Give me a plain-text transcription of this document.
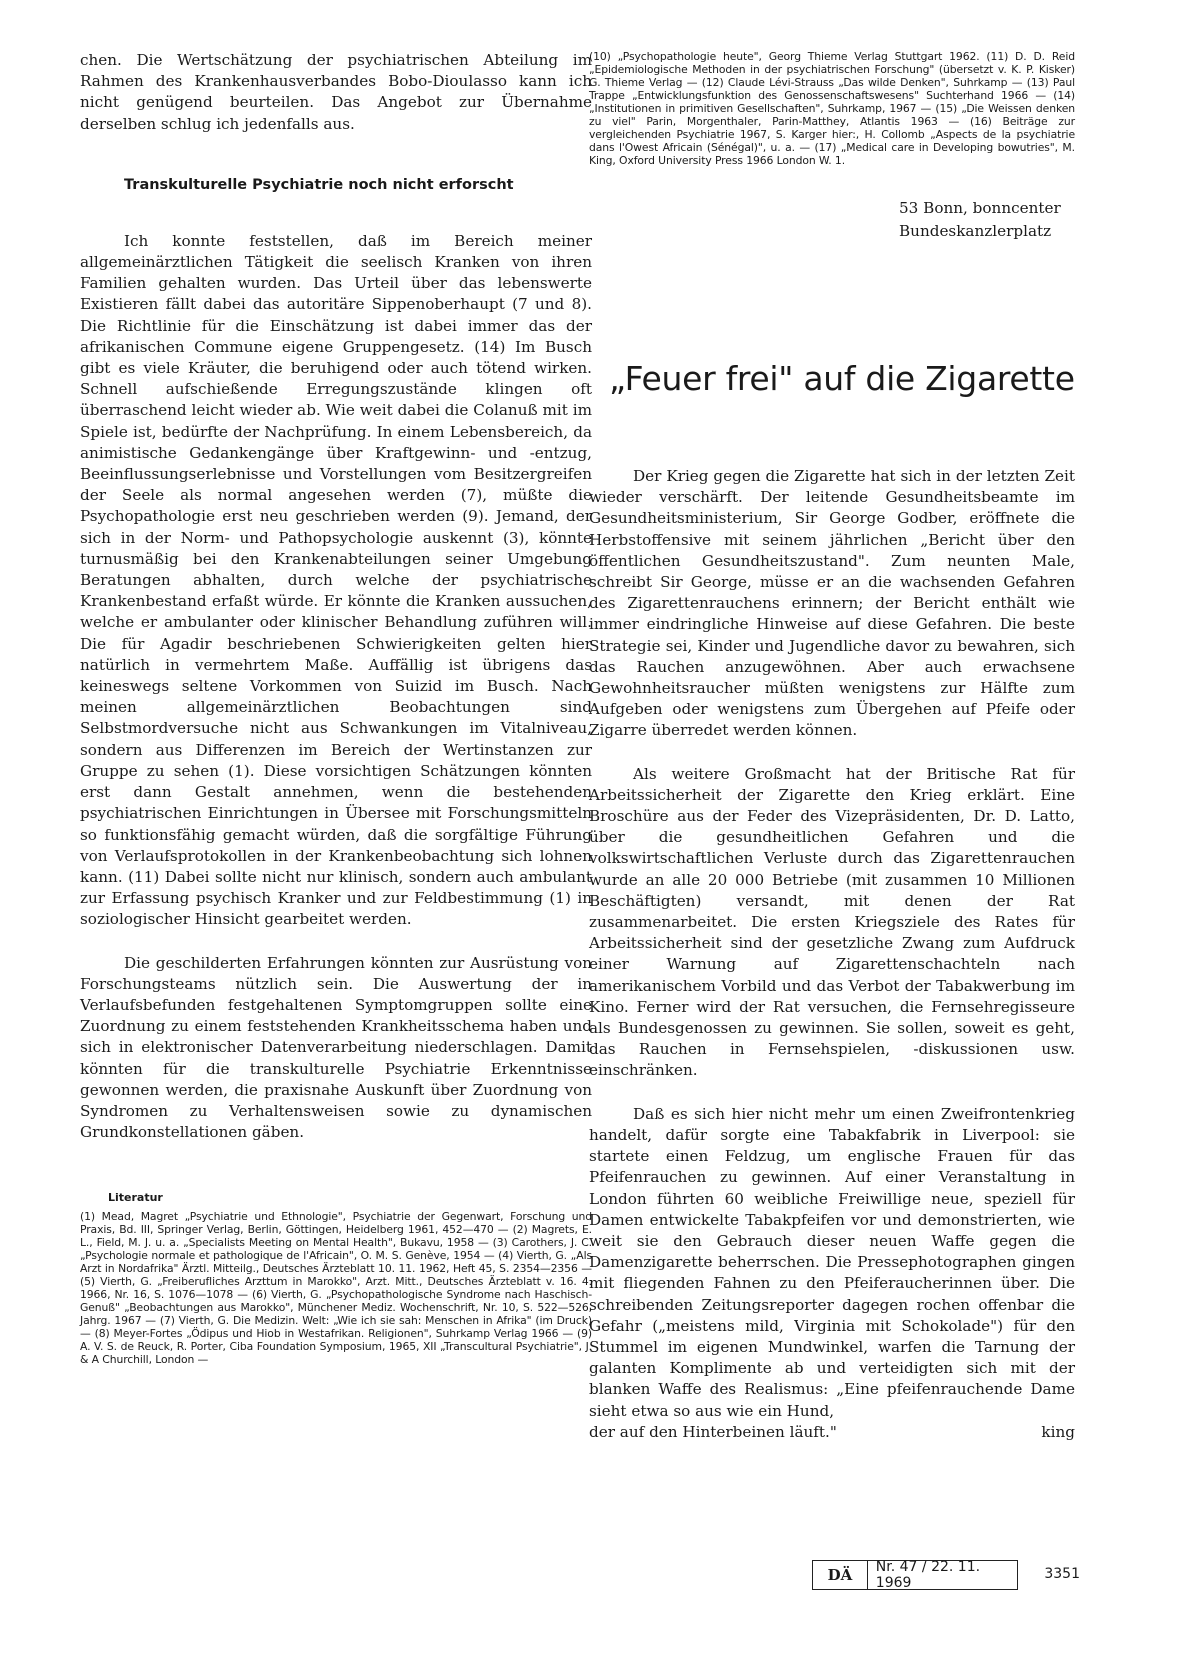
chen. Die Wertschätzung der psychiatrischen Abteilung im Rahmen des Krankenhausverbandes Bobo-Dioulasso kann ich nicht genügend beurteilen. Das Angebot zur Übernahme derselben schlug ich jedenfalls aus.

Transkulturelle Psychiatrie noch nicht erforscht

Ich konnte feststellen, daß im Bereich meiner allgemeinärztlichen Tätigkeit die seelisch Kranken von ihren Familien gehalten wurden. Das Urteil über das lebenswerte Existieren fällt dabei das autoritäre Sippenoberhaupt (7 und 8). Die Richtlinie für die Einschätzung ist dabei immer das der afrikanischen Commune eigene Gruppengesetz. (14) Im Busch gibt es viele Kräuter, die beruhigend oder auch tötend wirken. Schnell aufschießende Erregungszustände klingen oft überraschend leicht wieder ab. Wie weit dabei die Colanuß mit im Spiele ist, bedürfte der Nachprüfung. In einem Lebensbereich, da animistische Gedankengänge über Kraftgewinn- und -entzug, Beeinflussungserlebnisse und Vorstellungen vom Besitzergreifen der Seele als normal angesehen werden (7), müßte die Psychopathologie erst neu geschrieben werden (9). Jemand, der sich in der Norm- und Pathopsychologie auskennt (3), könnte turnusmäßig bei den Krankenabteilungen seiner Umgebung Beratungen abhalten, durch welche der psychiatrische Krankenbestand erfaßt würde. Er könnte die Kranken aussuchen, welche er ambulanter oder klinischer Behandlung zuführen will. Die für Agadir beschriebenen Schwierigkeiten gelten hier natürlich in vermehrtem Maße. Auffällig ist übrigens das keineswegs seltene Vorkommen von Suizid im Busch. Nach meinen allgemeinärztlichen Beobachtungen sind Selbstmordversuche nicht aus Schwankungen im Vitalniveau, sondern aus Differenzen im Bereich der Wertinstanzen zur Gruppe zu sehen (1). Diese vorsichtigen Schätzungen könnten erst dann Gestalt annehmen, wenn die bestehenden psychiatrischen Einrichtungen in Übersee mit Forschungsmitteln so funktionsfähig gemacht würden, daß die sorgfältige Führung von Verlaufsprotokollen in der Krankenbeobachtung sich lohnen kann. (11) Dabei sollte nicht nur klinisch, sondern auch ambulant zur Erfassung psychisch Kranker und zur Feldbestimmung (1) in soziologischer Hinsicht gearbeitet werden.

Die geschilderten Erfahrungen könnten zur Ausrüstung von Forschungsteams nützlich sein. Die Auswertung der in Verlaufsbefunden festgehaltenen Symptomgruppen sollte eine Zuordnung zu einem feststehenden Krankheitsschema haben und sich in elektronischer Datenverarbeitung niederschlagen. Damit könnten für die transkulturelle Psychiatrie Erkenntnisse gewonnen werden, die praxisnahe Auskunft über Zuordnung von Syndromen zu Verhaltensweisen sowie zu dynamischen Grundkonstellationen gäben.

Literatur

(1) Mead, Magret „Psychiatrie und Ethnologie", Psychiatrie der Gegenwart, Forschung und Praxis, Bd. III, Springer Verlag, Berlin, Göttingen, Heidelberg 1961, 452—470 — (2) Magrets, E. L., Field, M. J. u. a. „Specialists Meeting on Mental Health", Bukavu, 1958 — (3) Carothers, J. C. „Psychologie normale et pathologique de l'Africain", O. M. S. Genève, 1954 — (4) Vierth, G. „Als Arzt in Nordafrika" Ärztl. Mitteilg., Deutsches Ärzteblatt 10. 11. 1962, Heft 45, S. 2354—2356 — (5) Vierth, G. „Freiberufliches Arzttum in Marokko", Arzt. Mitt., Deutsches Ärzteblatt v. 16. 4. 1966, Nr. 16, S. 1076—1078 — (6) Vierth, G. „Psychopathologische Syndrome nach Haschisch-Genuß" „Beobachtungen aus Marokko", Münchener Mediz. Wochenschrift, Nr. 10, S. 522—526, Jahrg. 1967 — (7) Vierth, G. Die Medizin. Welt: „Wie ich sie sah: Menschen in Afrika" (im Druck) — (8) Meyer-Fortes „Ödipus und Hiob in Westafrikan. Religionen", Suhrkamp Verlag 1966 — (9) A. V. S. de Reuck, R. Porter, Ciba Foundation Symposium, 1965, XII „Transcultural Psychiatrie", J. & A Churchill, London —

(10) „Psychopathologie heute", Georg Thieme Verlag Stuttgart 1962. (11) D. D. Reid „Epidemiologische Methoden in der psychiatrischen Forschung" (übersetzt v. K. P. Kisker) G. Thieme Verlag — (12) Claude Lévi-Strauss „Das wilde Denken", Suhrkamp — (13) Paul Trappe „Entwicklungsfunktion des Genossenschaftswesens" Suchterhand 1966 — (14) „Institutionen in primitiven Gesellschaften", Suhrkamp, 1967 — (15) „Die Weissen denken zu viel" Parin, Morgenthaler, Parin-Matthey, Atlantis 1963 — (16) Beiträge zur vergleichenden Psychiatrie 1967, S. Karger hier:, H. Collomb „Aspects de la psychiatrie dans l'Owest Africain (Sénégal)", u. a. — (17) „Medical care in Developing bowutries", M. King, Oxford University Press 1966 London W. 1.

53 Bonn, bonncenter
Bundeskanzlerplatz
„Feuer frei" auf die Zigarette

Der Krieg gegen die Zigarette hat sich in der letzten Zeit wieder verschärft. Der leitende Gesundheitsbeamte im Gesundheitsministerium, Sir George Godber, eröffnete die Herbstoffensive mit seinem jährlichen „Bericht über den öffentlichen Gesundheitszustand". Zum neunten Male, schreibt Sir George, müsse er an die wachsenden Gefahren des Zigarettenrauchens erinnern; der Bericht enthält wie immer eindringliche Hinweise auf diese Gefahren. Die beste Strategie sei, Kinder und Jugendliche davor zu bewahren, sich das Rauchen anzugewöhnen. Aber auch erwachsene Gewohnheitsraucher müßten wenigstens zur Hälfte zum Aufgeben oder wenigstens zum Übergehen auf Pfeife oder Zigarre überredet werden können.

Als weitere Großmacht hat der Britische Rat für Arbeitssicherheit der Zigarette den Krieg erklärt. Eine Broschüre aus der Feder des Vizepräsidenten, Dr. D. Latto, über die gesundheitlichen Gefahren und die volkswirtschaftlichen Verluste durch das Zigarettenrauchen wurde an alle 20 000 Betriebe (mit zusammen 10 Millionen Beschäftigten) versandt, mit denen der Rat zusammenarbeitet. Die ersten Kriegsziele des Rates für Arbeitssicherheit sind der gesetzliche Zwang zum Aufdruck einer Warnung auf Zigarettenschachteln nach amerikanischem Vorbild und das Verbot der Tabakwerbung im Kino. Ferner wird der Rat versuchen, die Fernsehregisseure als Bundesgenossen zu gewinnen. Sie sollen, soweit es geht, das Rauchen in Fernsehspielen, -diskussionen usw. einschränken.

Daß es sich hier nicht mehr um einen Zweifrontenkrieg handelt, dafür sorgte eine Tabakfabrik in Liverpool: sie startete einen Feldzug, um englische Frauen für das Pfeifenrauchen zu gewinnen. Auf einer Veranstaltung in London führten 60 weibliche Freiwillige neue, speziell für Damen entwickelte Tabakpfeifen vor und demonstrierten, wie weit sie den Gebrauch dieser neuen Waffe gegen die Damenzigarette beherrschen. Die Pressephotographen gingen mit fliegenden Fahnen zu den Pfeiferaucherinnen über. Die schreibenden Zeitungsreporter dagegen rochen offenbar die Gefahr („meistens mild, Virginia mit Schokolade") für den Stummel im eigenen Mundwinkel, warfen die Tarnung der galanten Komplimente ab und verteidigten sich mit der blanken Waffe des Realismus: „Eine pfeifenrauchende Dame sieht etwa so aus wie ein Hund,

der auf den Hinterbeinen läuft."	king
DÄ	Nr. 47 / 22. 11. 1969
3351
